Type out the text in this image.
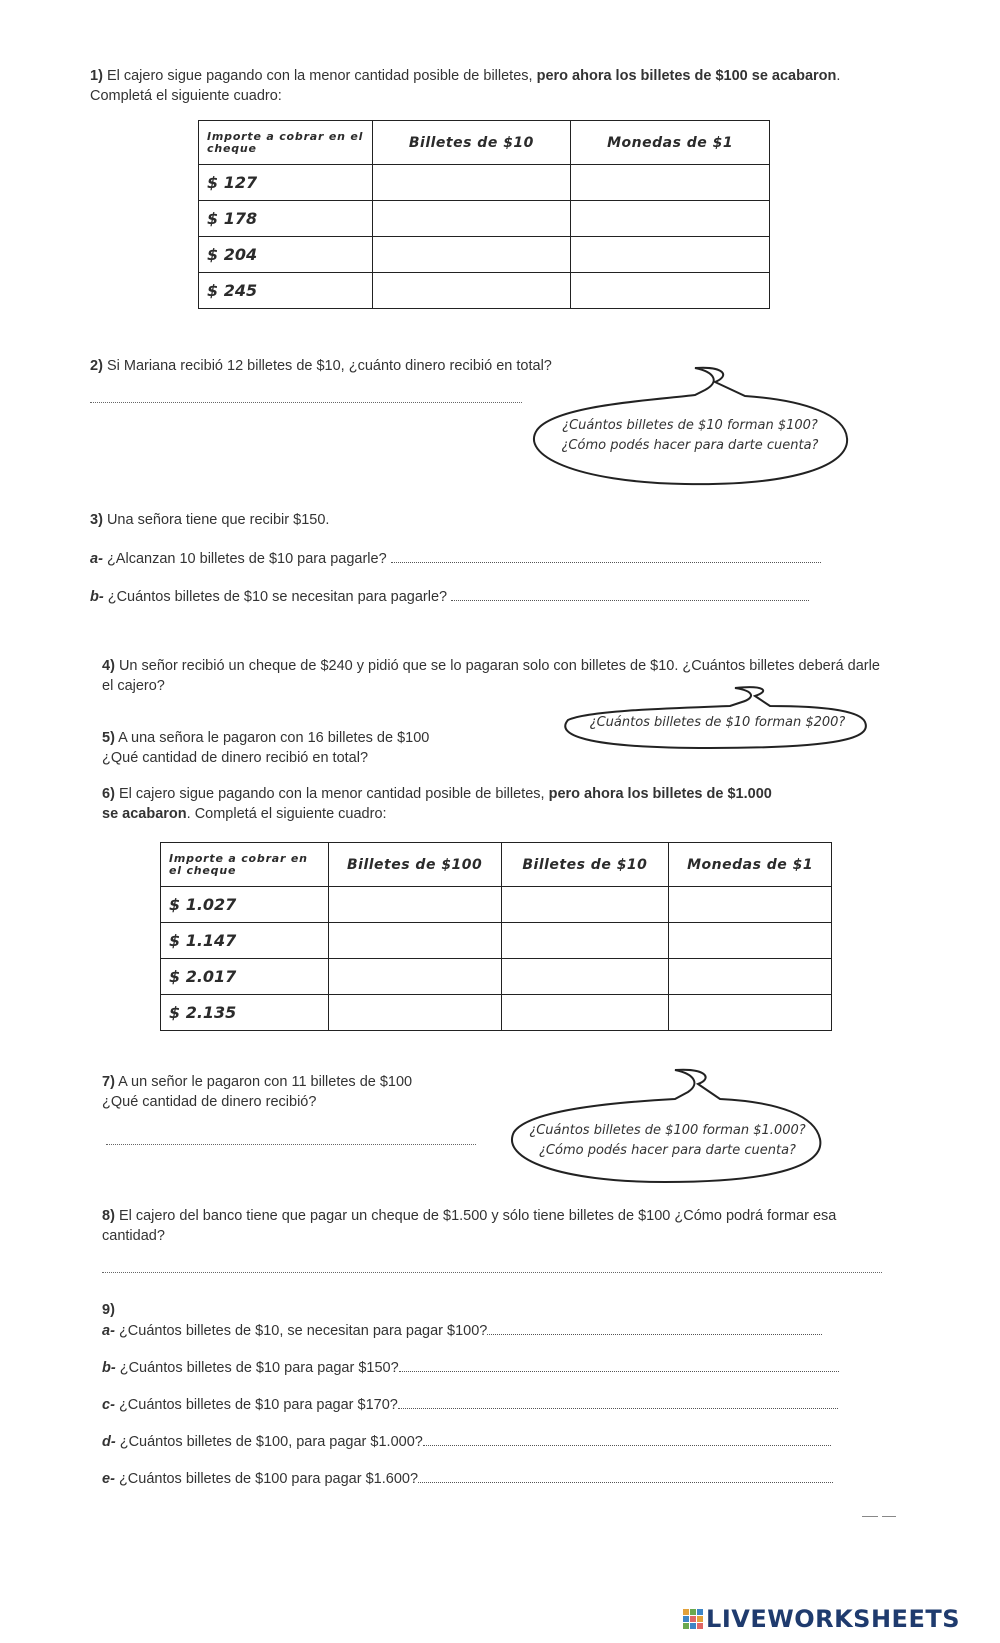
1) El cajero sigue pagando con la menor cantidad posible de billetes, pero ahora los billetes de $100 se acabaron. Completá el siguiente cuadro:
Importe a cobrar en el cheque	Billetes de $10	Monedas de $1
$ 127		
$ 178		
$ 204		
$ 245		
2) Si Mariana recibió 12 billetes de $10, ¿cuánto dinero recibió en total?
¿Cuántos billetes de $10 forman $100?
¿Cómo podés hacer para darte cuenta?
3) Una señora tiene que recibir $150.
a- ¿Alcanzan 10 billetes de $10 para pagarle?
b- ¿Cuántos billetes de $10 se necesitan para pagarle?
4) Un señor recibió un cheque de $240 y pidió que se lo pagaran solo con billetes de $10. ¿Cuántos billetes deberá darle el cajero?
5) A una señora le pagaron con 16 billetes de $100
¿Qué cantidad de dinero recibió en total?
¿Cuántos billetes de $10 forman $200?
6) El cajero sigue pagando con la menor cantidad posible de billetes, pero ahora los billetes de $1.000 se acabaron. Completá el siguiente cuadro:
Importe a cobrar en el cheque	Billetes de $100	Billetes de $10	Monedas de $1
$ 1.027			
$ 1.147			
$ 2.017			
$ 2.135			
7) A un señor le pagaron con 11 billetes de $100
¿Qué cantidad de dinero recibió?
¿Cuántos billetes de $100 forman $1.000?
¿Cómo podés hacer para darte cuenta?
8) El cajero del banco tiene que pagar un cheque de $1.500 y sólo tiene billetes de $100 ¿Cómo podrá formar esa cantidad?
9)
a- ¿Cuántos billetes de $10, se necesitan para pagar $100?
b- ¿Cuántos billetes de $10 para pagar $150?
c- ¿Cuántos billetes de $10 para pagar $170?
d- ¿Cuántos billetes de $100, para pagar $1.000?
e- ¿Cuántos billetes de $100 para pagar $1.600?
LIVEWORKSHEETS
